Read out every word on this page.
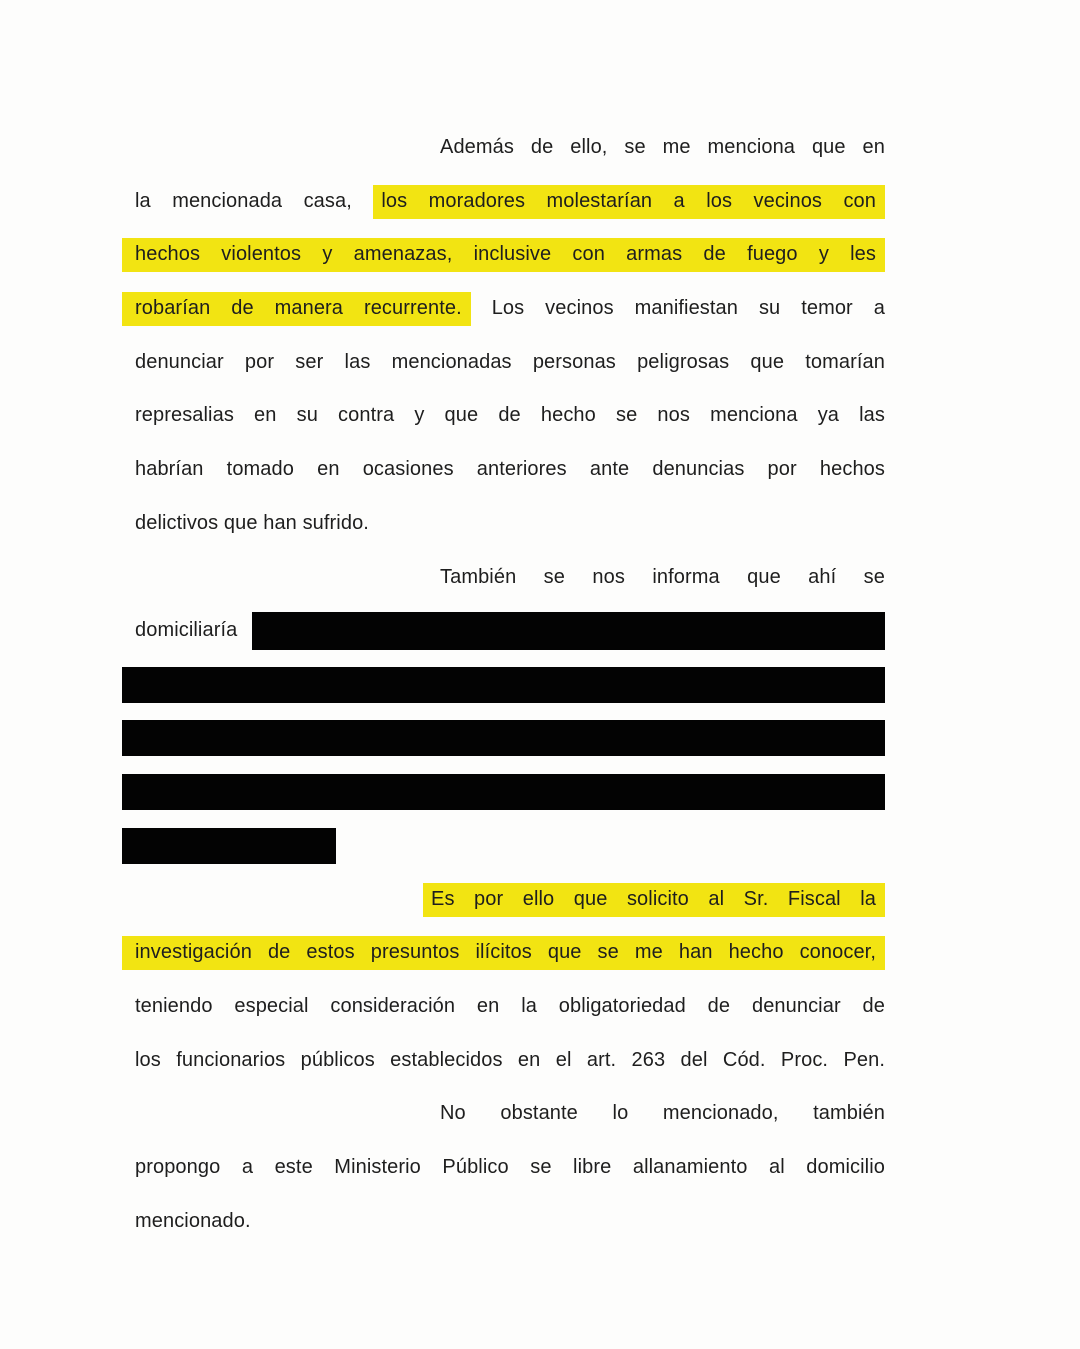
Además de ello, se me menciona que en
la mencionada casa, los moradores molestarían a los vecinos con
hechos violentos y amenazas, inclusive con armas de fuego y les
robarían de manera recurrente. Los vecinos manifiestan su temor a
denunciar por ser las mencionadas personas peligrosas que tomarían
represalias en su contra y que de hecho se nos menciona ya las
habrían tomado en ocasiones anteriores ante denuncias por hechos
delictivos que han sufrido.
También se nos informa que ahí se
domiciliaría
Es por ello que solicito al Sr. Fiscal la
investigación de estos presuntos ilícitos que se me han hecho conocer,
teniendo especial consideración en la obligatoriedad de denunciar de
los funcionarios públicos establecidos en el art. 263 del Cód. Proc. Pen.
No obstante lo mencionado, también
propongo a este Ministerio Público se libre allanamiento al domicilio
mencionado.
